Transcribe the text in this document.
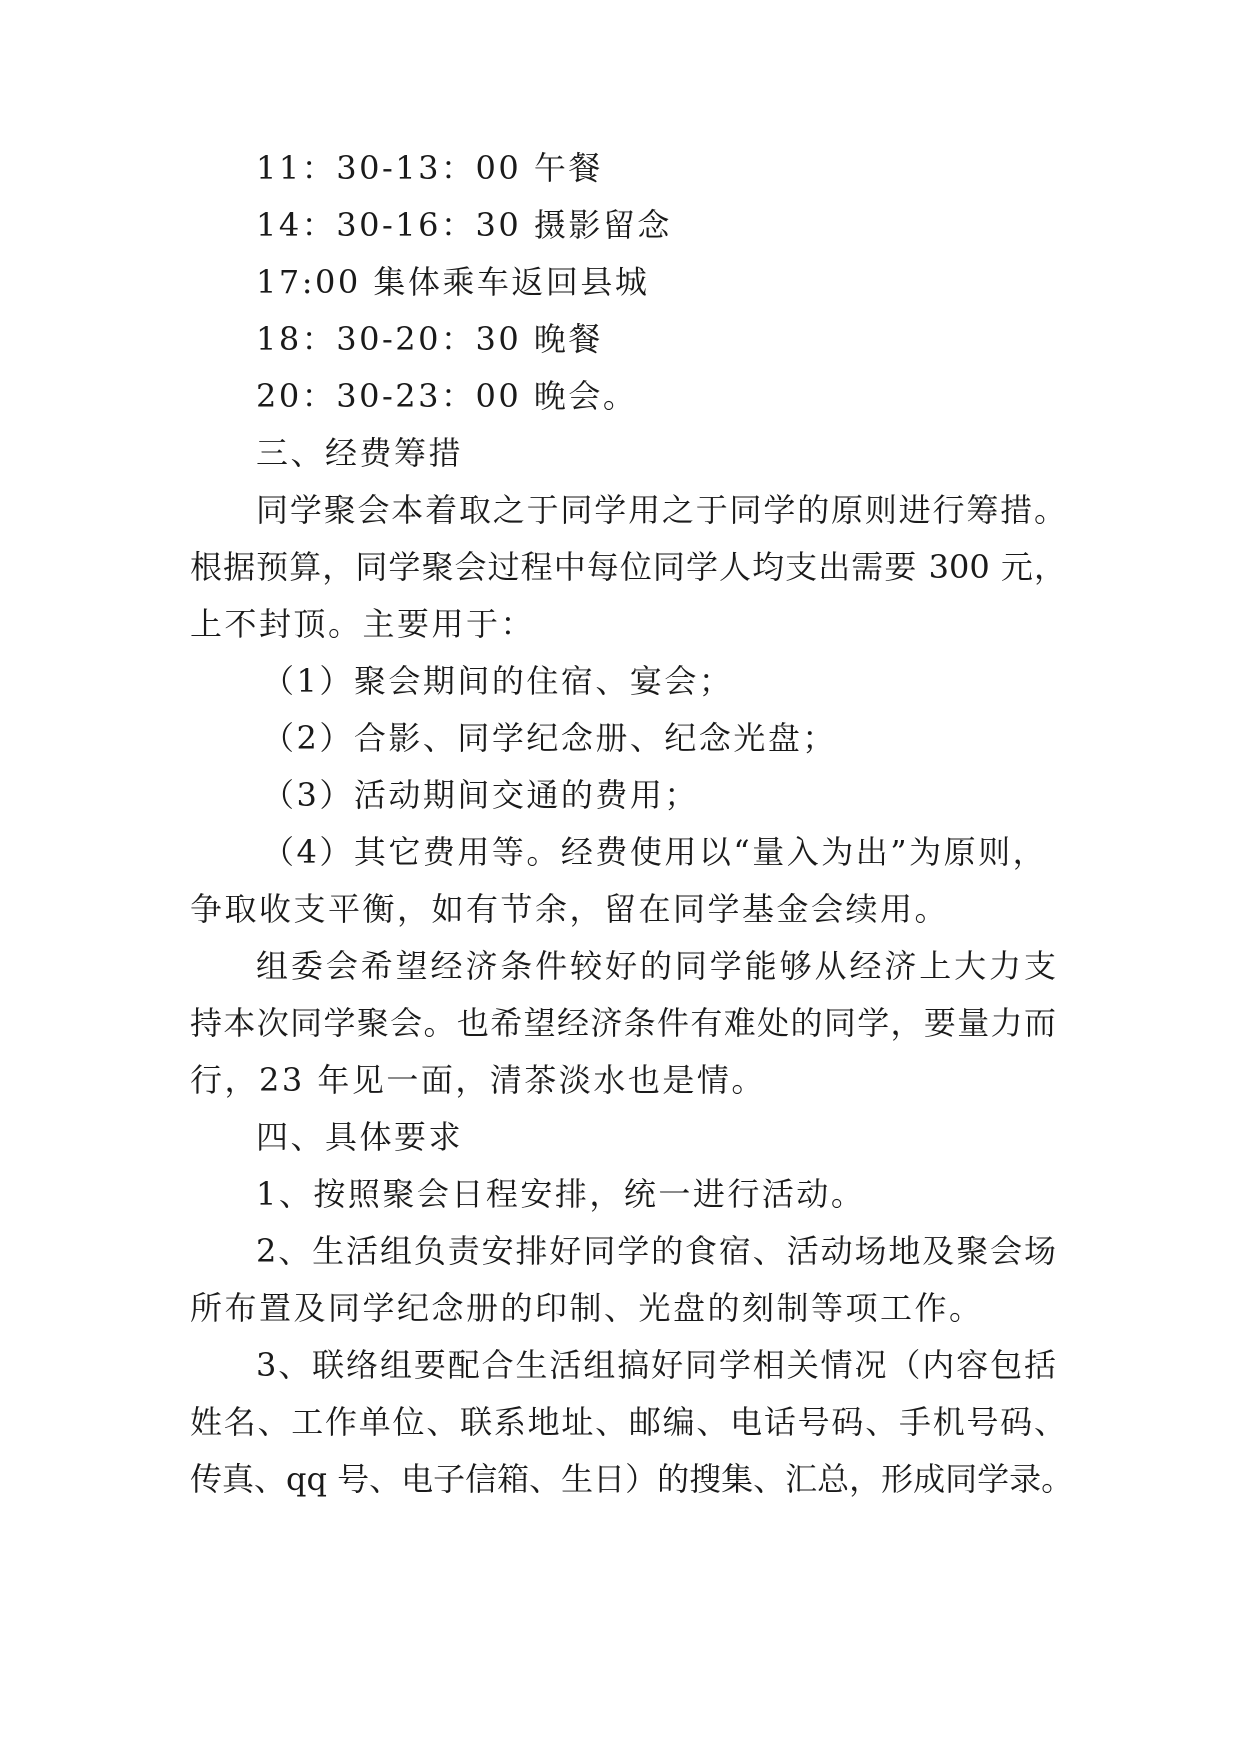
11：30-13：00 午餐
14：30-16：30 摄影留念
17:00 集体乘车返回县城
18：30-20：30 晚餐
20：30-23：00 晚会。
三、经费筹措
同学聚会本着取之于同学用之于同学的原则进行筹措。
根据预算，同学聚会过程中每位同学人均支出需要 300 元，
上不封顶。主要用于：
（1）聚会期间的住宿、宴会；
（2）合影、同学纪念册、纪念光盘；
（3）活动期间交通的费用；
（4）其它费用等。经费使用以“量入为出”为原则，
争取收支平衡，如有节余，留在同学基金会续用。
组委会希望经济条件较好的同学能够从经济上大力支
持本次同学聚会。也希望经济条件有难处的同学，要量力而
行，23 年见一面，清茶淡水也是情。
四、具体要求
1、按照聚会日程安排，统一进行活动。
2、生活组负责安排好同学的食宿、活动场地及聚会场
所布置及同学纪念册的印制、光盘的刻制等项工作。
3、联络组要配合生活组搞好同学相关情况（内容包括
姓名、工作单位、联系地址、邮编、电话号码、手机号码、
传真、qq 号、电子信箱、生日）的搜集、汇总，形成同学录。
